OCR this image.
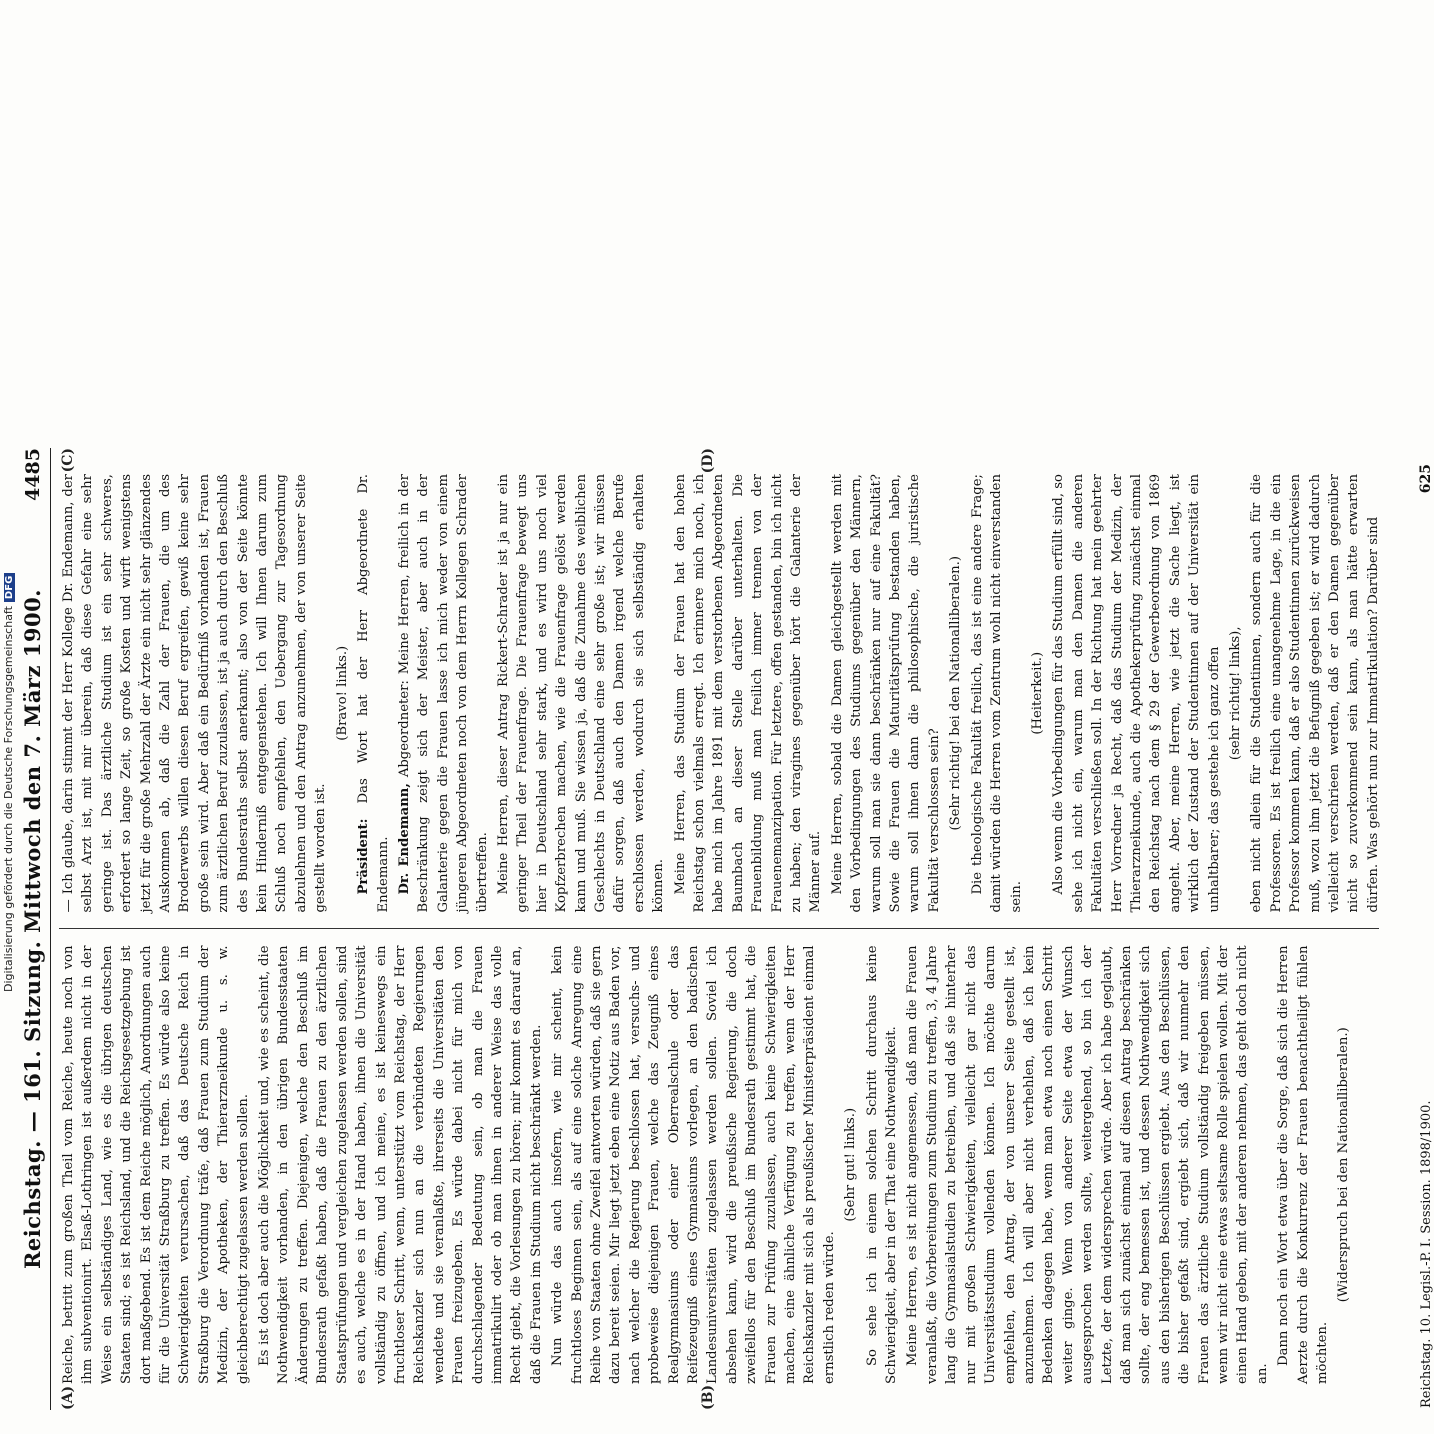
Digitalisierung gefördert durch die Deutsche ForschungsgemeinschaftDFG
Reichstag. — 161. Sitzung. Mittwoch den 7. März 1900.
4485
(A)	(B)

Reiche, betritt zum großen Theil vom Reiche, heute noch von ihm subventionirt. Elsaß-Lothringen ist außerdem nicht in der Weise ein selbständiges Land, wie es die übrigen deutschen Staaten sind; es ist Reichsland, und die Reichsgesetzgebung ist dort maßgebend. Es ist dem Reiche möglich, Anordnungen auch für die Universität Straßburg zu treffen. Es würde also keine Schwierigkeiten verursachen, daß das Deutsche Reich in Straßburg die Verordnung träfe, daß Frauen zum Studium der Medizin, der Apotheken, der Thierarzneikunde u. s. w. gleichberechtigt zugelassen werden sollen. Es ist doch aber auch die Möglichkeit und, wie es scheint, die Nothwendigkeit vorhanden, in den übrigen Bundesstaaten Änderungen zu treffen. Diejenigen, welche den Beschluß im Bundesrath gefaßt haben, daß die Frauen zu den ärztlichen Staatsprüfungen und vergleichen zugelassen werden sollen, sind es auch, welche es in der Hand haben, ihnen die Universität vollständig zu öffnen, und ich meine, es ist keineswegs ein fruchtloser Schritt, wenn, unterstützt vom Reichstag, der Herr Reichskanzler sich nun an die verbündeten Regierungen wendete und sie veranlaßte, ihrerseits die Universitäten den Frauen freizugeben. Es würde dabei nicht für mich von durchschlagender Bedeutung sein, ob man die Frauen immatrikulirt oder ob man ihnen in anderer Weise das volle Recht giebt, die Vorlesungen zu hören; mir kommt es darauf an, daß die Frauen im Studium nicht beschränkt werden. Nun würde das auch insofern, wie mir scheint, kein fruchtloses Beginnen sein, als auf eine solche Anregung eine Reihe von Staaten ohne Zweifel antworten würden, daß sie gern dazu bereit seien. Mir liegt jetzt eben eine Notiz aus Baden vor, nach welcher die Regierung beschlossen hat, versuchs- und probeweise diejenigen Frauen, welche das Zeugniß eines Realgymnasiums oder einer Oberrealschule oder das Reifezeugniß eines Gymnasiums vorlegen, an den badischen Landesuniversitäten zugelassen werden sollen. Soviel ich absehen kann, wird die preußische Regierung, die doch zweifellos für den Beschluß im Bundesrath gestimmt hat, die Frauen zur Prüfung zuzulassen, auch keine Schwierigkeiten machen, eine ähnliche Verfügung zu treffen, wenn der Herr Reichskanzler mit sich als preußischer Ministerpräsident einmal ernstlich reden würde.

(Sehr gut! links.) So sehe ich in einem solchen Schritt durchaus keine Schwierigkeit, aber in der That eine Nothwendigkeit. Meine Herren, es ist nicht angemessen, daß man die Frauen veranlaßt, die Vorbereitungen zum Studium zu treffen, 3, 4 Jahre lang die Gymnasialstudien zu betreiben, und daß sie hinterher nur mit großen Schwierigkeiten, vielleicht gar nicht das Universitätsstudium vollenden können. Ich möchte darum empfehlen, den Antrag, der von unserer Seite gestellt ist, anzunehmen. Ich will aber nicht verhehlen, daß ich kein Bedenken dagegen habe, wenn man etwa noch einen Schritt weiter ginge. Wenn von anderer Seite etwa der Wunsch ausgesprochen werden sollte, weitergehend, so bin ich der Letzte, der dem widersprechen würde. Aber ich habe geglaubt, daß man sich zunächst einmal auf diesen Antrag beschränken sollte, der eng bemessen ist, und dessen Nothwendigkeit sich aus den bisherigen Beschlüssen ergiebt. Aus den Beschlüssen, die bisher gefaßt sind, ergiebt sich, daß wir nunmehr den Frauen das ärztliche Studium vollständig freigeben müssen, wenn wir nicht eine etwas seltsame Rolle spielen wollen. Mit der einen Hand geben, mit der anderen nehmen, das geht doch nicht an.

Dann noch ein Wort etwa über die Sorge, daß sich die Herren Aerzte durch die Konkurrenz der Frauen benachtheiligt fühlen möchten.

(Widerspruch bei den Nationalliberalen.)

(C)	(D)

— Ich glaube, darin stimmt der Herr Kollege Dr. Endemann, der selbst Arzt ist, mit mir überein, daß diese Gefahr eine sehr geringe ist. Das ärztliche Studium ist ein sehr schweres, erfordert so lange Zeit, so große Kosten und wirft wenigstens jetzt für die große Mehrzahl der Ärzte ein nicht sehr glänzendes Auskommen ab, daß die Zahl der Frauen, die um des Broderwerbs willen diesen Beruf ergreifen, gewiß keine sehr große sein wird. Aber daß ein Bedürfniß vorhanden ist, Frauen zum ärztlichen Beruf zuzulassen, ist ja auch durch den Beschluß des Bundesraths selbst anerkannt; also von der Seite könnte kein Hinderniß entgegenstehen. Ich will Ihnen darum zum Schluß noch empfehlen, den Uebergang zur Tagesordnung abzulehnen und den Antrag anzunehmen, der von unserer Seite gestellt worden ist.

(Bravo! links.)

Präsident: Das Wort hat der Herr Abgeordnete Dr. Endemann. Dr. Endemann, Abgeordneter: Meine Herren, freilich in der Beschränkung zeigt sich der Meister, aber auch in der Galanterie gegen die Frauen lasse ich mich weder von einem jüngeren Abgeordneten noch von dem Herrn Kollegen Schrader übertreffen. Meine Herren, dieser Antrag Rickert-Schrader ist ja nur ein geringer Theil der Frauenfrage. Die Frauenfrage bewegt uns hier in Deutschland sehr stark, und es wird uns noch viel Kopfzerbrechen machen, wie die Frauenfrage gelöst werden kann und muß. Sie wissen ja, daß die Zunahme des weiblichen Geschlechts in Deutschland eine sehr große ist; wir müssen dafür sorgen, daß auch den Damen irgend welche Berufe erschlossen werden, wodurch sie sich selbständig erhalten können. Meine Herren, das Studium der Frauen hat den hohen Reichstag schon vielmals erregt. Ich erinnere mich noch, ich habe mich im Jahre 1891 mit dem verstorbenen Abgeordneten Baumbach an dieser Stelle darüber unterhalten. Die Frauenbildung muß man freilich immer trennen von der Frauenemanzipation. Für letztere, offen gestanden, bin ich nicht zu haben; den viragines gegenüber hört die Galanterie der Männer auf. Meine Herren, sobald die Damen gleichgestellt werden mit den Vorbedingungen des Studiums gegenüber den Männern, warum soll man sie dann beschränken nur auf eine Fakultät? Sowie die Frauen die Maturitätsprüfung bestanden haben, warum soll ihnen dann die philosophische, die juristische Fakultät verschlossen sein? (Sehr richtig! bei den Nationalliberalen.) Die theologische Fakultät freilich, das ist eine andere Frage; damit würden die Herren vom Zentrum wohl nicht einverstanden sein.

(Heiterkeit.) Also wenn die Vorbedingungen für das Studium erfüllt sind, so sehe ich nicht ein, warum man den Damen die anderen Fakultäten verschließen soll. In der Richtung hat mein geehrter Herr Vorredner ja Recht, daß das Studium der Medizin, der Thierarzneikunde, auch die Apothekerprüfung zunächst einmal den Reichstag nach dem § 29 der Gewerbeordnung von 1869 angeht. Aber, meine Herren, wie jetzt die Sache liegt, ist wirklich der Zustand der Studentinnen auf der Universität ein unhaltbarer; das gestehe ich ganz offen (sehr richtig! links), eben nicht allein für die Studentinnen, sondern auch für die Professoren. Es ist freilich eine unangenehme Lage, in die ein Professor kommen kann, daß er also Studentinnen zurückweisen muß, wozu ihm jetzt die Befugniß gegeben ist; er wird dadurch vielleicht verschrieen werden, daß er den Damen gegenüber nicht so zuvorkommend sein kann, als man hätte erwarten dürfen. Was gehört nun zur Immatrikulation? Darüber sind

Reichstag. 10. Legisl.-P. I. Session. 1898/1900.
625
